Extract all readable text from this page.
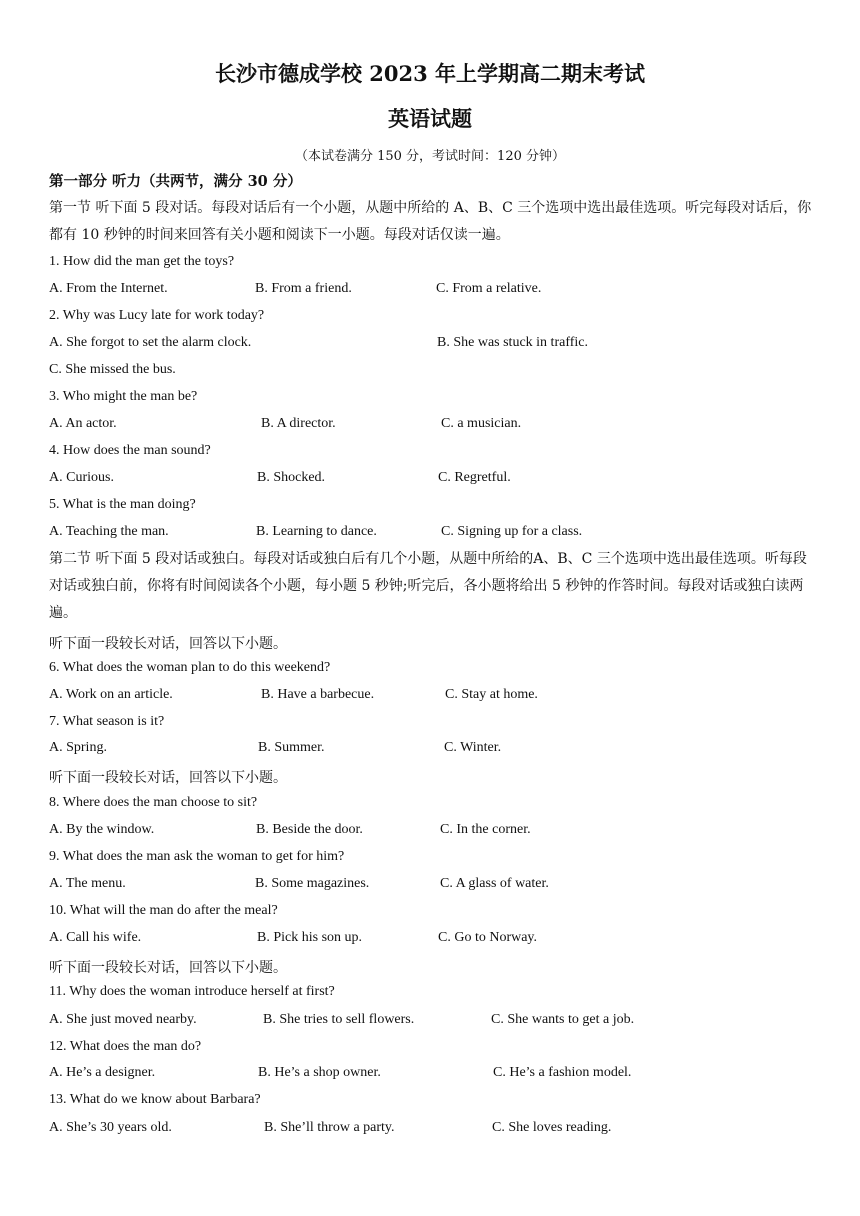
长沙市德成学校 2023 年上学期高二期末考试
英语试题
（本试卷满分 150 分，考试时间：120 分钟）
第一部分 听力（共两节，满分 30 分）
第一节 听下面 5 段对话。每段对话后有一个小题，从题中所给的 A、B、C 三个选项中选出最佳选项。听完每段对话后，你都有 10 秒钟的时间来回答有关小题和阅读下一小题。每段对话仅读一遍。
1. How did the man get the toys?
A. From the Internet.	B. From a friend.	C. From a relative.
2. Why was Lucy late for work today?
A. She forgot to set the alarm clock.	B. She was stuck in traffic.
C. She missed the bus.
3. Who might the man be?
A. An actor.	B. A director.	C. a musician.
4. How does the man sound?
A. Curious.	B. Shocked.	C. Regretful.
5. What is the man doing?
A. Teaching the man.	B. Learning to dance.	C. Signing up for a class.
第二节 听下面 5 段对话或独白。每段对话或独白后有几个小题，从题中所给的A、B、C 三个选项中选出最佳选项。听每段对话或独白前，你将有时间阅读各个小题，每小题 5 秒钟;听完后，各小题将给出 5 秒钟的作答时间。每段对话或独白读两遍。
听下面一段较长对话，回答以下小题。
6. What does the woman plan to do this weekend?
A. Work on an article.	B. Have a barbecue.	C. Stay at home.
7. What season is it?
A. Spring.	B. Summer.	C. Winter.
听下面一段较长对话，回答以下小题。
8. Where does the man choose to sit?
A. By the window.	B. Beside the door.	C. In the corner.
9. What does the man ask the woman to get for him?
A. The menu.	B. Some magazines.	C. A glass of water.
10. What will the man do after the meal?
A. Call his wife.	B. Pick his son up.	C. Go to Norway.
听下面一段较长对话，回答以下小题。
11. Why does the woman introduce herself at first?
A. She just moved nearby.	B. She tries to sell flowers.	C. She wants to get a job.
12. What does the man do?
A. He’s a designer.	B. He’s a shop owner.	C. He’s a fashion model.
13. What do we know about Barbara?
A. She’s 30 years old.	B. She’ll throw a party.	C. She loves reading.
